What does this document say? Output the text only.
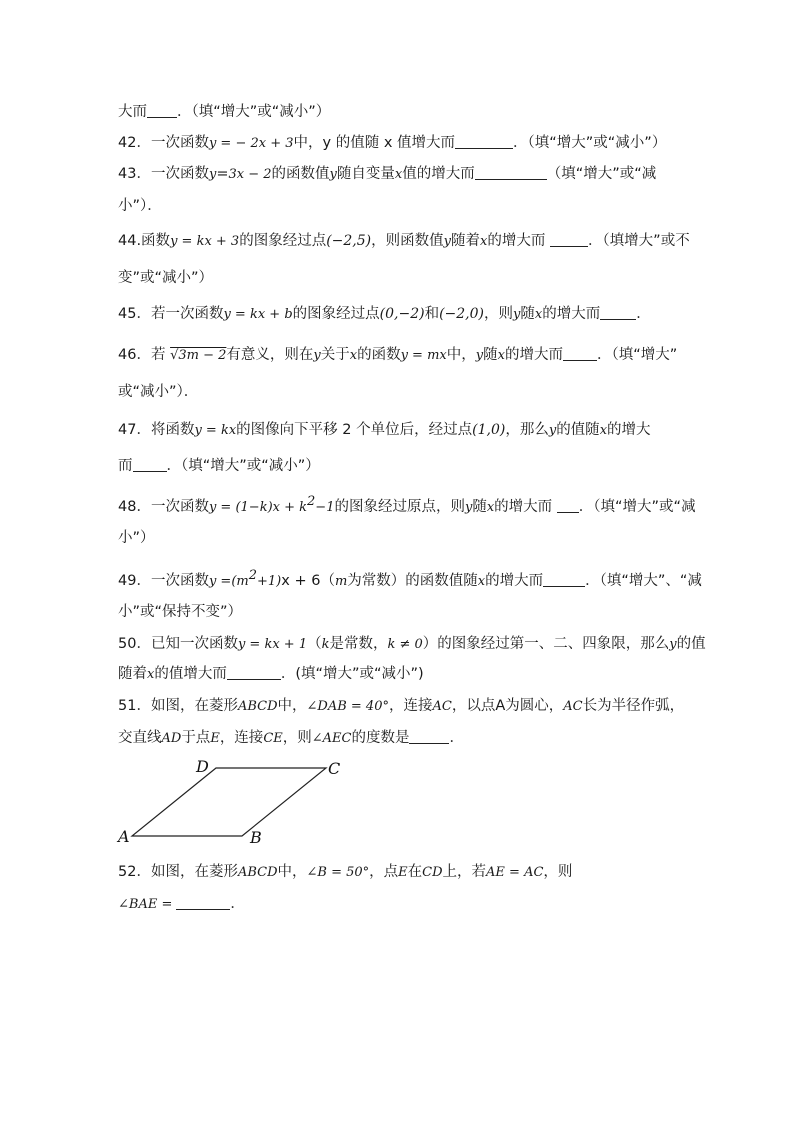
大而 ．（填“增大”或“减小”）
42．一次函数y = − 2x + 3中，y 的值随 x 值增大而	．（填“增大”或“减小”）
43．一次函数y=3x − 2的函数值y随自变量x值的增大而	（填“增大”或“减
小”）．
44.函数y = kx + 3的图象经过点(−2,5)，则函数值y随着x的增大而	．（填增大”或不
变”或“减小”）
45．若一次函数y = kx + b的图象经过点(0,−2)和(−2,0)，则y随x的增大而 ．
46．若 √3m − 2有意义，则在y关于x的函数y = mx中，y随x的增大而 ．（填“增大”
或“减小”）．
47．将函数y = kx的图像向下平移 2 个单位后，经过点(1,0)，那么y的值随x的增大
而 ．（填“增大”或“减小”）
48．一次函数$y = (1-k)x + k^2-1$的图象经过原点，则y随x的增大而 ．（填“增大”或“减
小”）
49．一次函数$y =(m^2+1)x + 6(m$为常数）的函数值随x的增大而	．（填“增大”、“减
小”或“保持不变”）
50．已知一次函数y = kx + 1（k是常数，k ≠ 0）的图象经过第一、二、四象限，那么y的值
随着x的值增大而	．(填“增大”或“减小”)
51．如图，在菱形ABCD中，∠DAB = 40°，连接AC，以点A为圆心，AC长为半径作弧，
交直线AD于点E，连接CE，则∠AEC的度数是	．
A	B
C
D
52．如图，在菱形ABCD中，∠B = 50°，点E在CD上，若AE = AC，则
∠BAE =	．
